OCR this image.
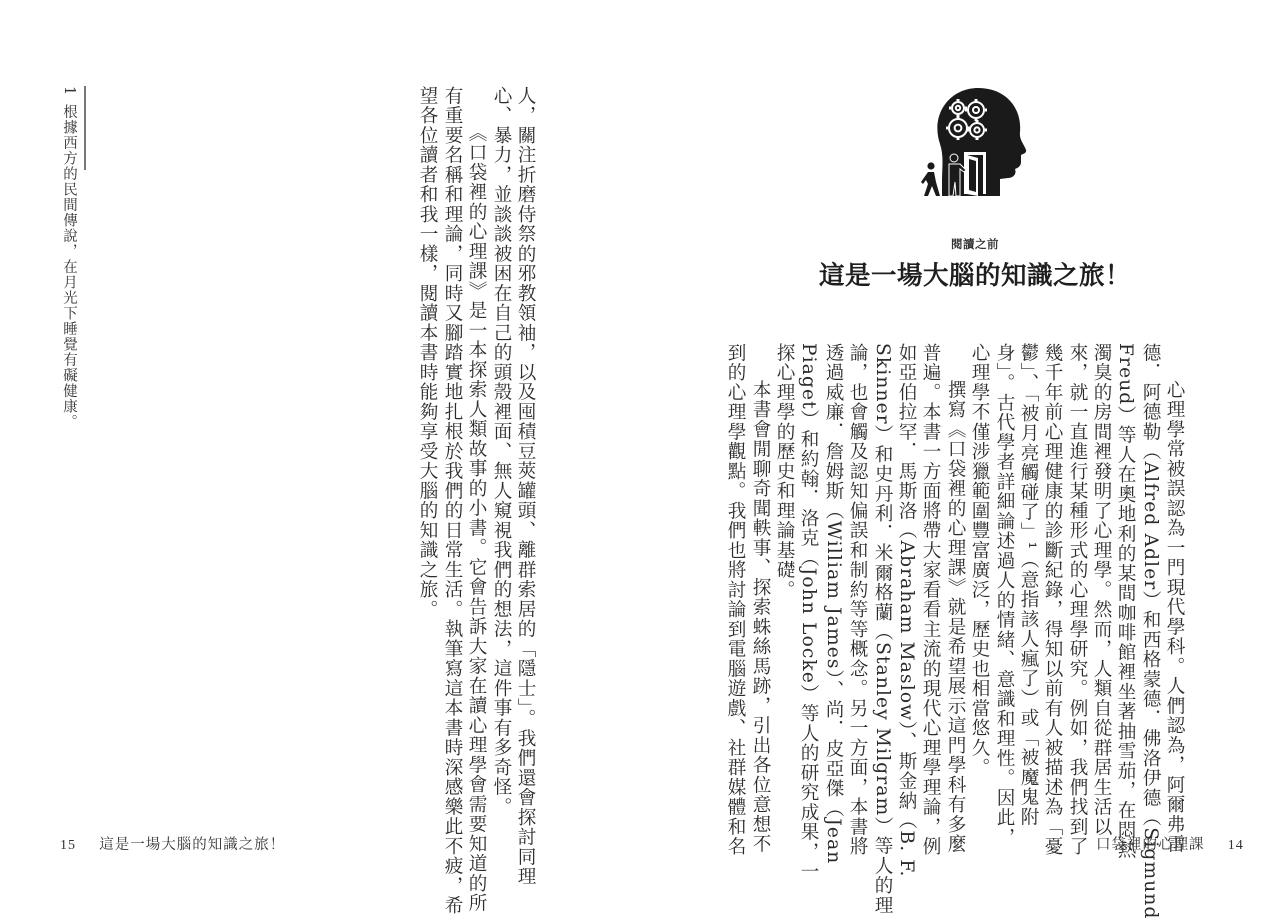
人，關注折磨侍祭的邪教領袖，以及囤積豆莢罐頭、離群索居的「隱士」。我們還會探討同理
心、暴力，並談談被困在自己的頭殼裡面、無人窺視我們的想法，這件事有多奇怪。
《口袋裡的心理課》是一本探索人類故事的小書。它會告訴大家在讀心理學會需要知道的所
有重要名稱和理論，同時又腳踏實地扎根於我們的日常生活。執筆寫這本書時深感樂此不疲，希
望各位讀者和我一樣，閱讀本書時能夠享受大腦的知識之旅。
1

根據西方的民間傳說，在月光下睡覺有礙健康。
15 這是一場大腦的知識之旅！
閱讀之前
這是一場大腦的知識之旅！
心理學常被誤認為一門現代學科。人們認為，阿爾弗雷
德．阿德勒（Alfred Adler）和西格蒙德．佛洛伊德（Sigmund
Freud）等人在奧地利的某間咖啡館裡坐著抽雪茄，在悶熱
濁臭的房間裡發明了心理學。然而，人類自從群居生活以
來，就一直進行某種形式的心理學研究。例如，我們找到了
幾千年前心理健康的診斷紀錄，得知以前有人被描述為「憂
鬱」、「被月亮觸碰了」¹（意指該人瘋了）或「被魔鬼附
身」。古代學者詳細論述過人的情緒、意識和理性。因此，
心理學不僅涉獵範圍豐富廣泛，歷史也相當悠久。
撰寫《口袋裡的心理課》就是希望展示這門學科有多麼
普遍。本書一方面將帶大家看看主流的現代心理學理論，例
如亞伯拉罕．馬斯洛（Abraham Maslow）、斯金納（B. F.
Skinner）和史丹利．米爾格蘭（Stanley Milgram）等人的理
論，也會觸及認知偏誤和制約等等概念。另一方面，本書將
透過威廉．詹姆斯（William James）、尚．皮亞傑（Jean
Piaget）和約翰．洛克（John Locke）等人的研究成果，一
探心理學的歷史和理論基礎。
本書會閒聊奇聞軼事、探索蛛絲馬跡，引出各位意想不
到的心理學觀點。我們也將討論到電腦遊戲、社群媒體和名	口袋裡的心理課 14
